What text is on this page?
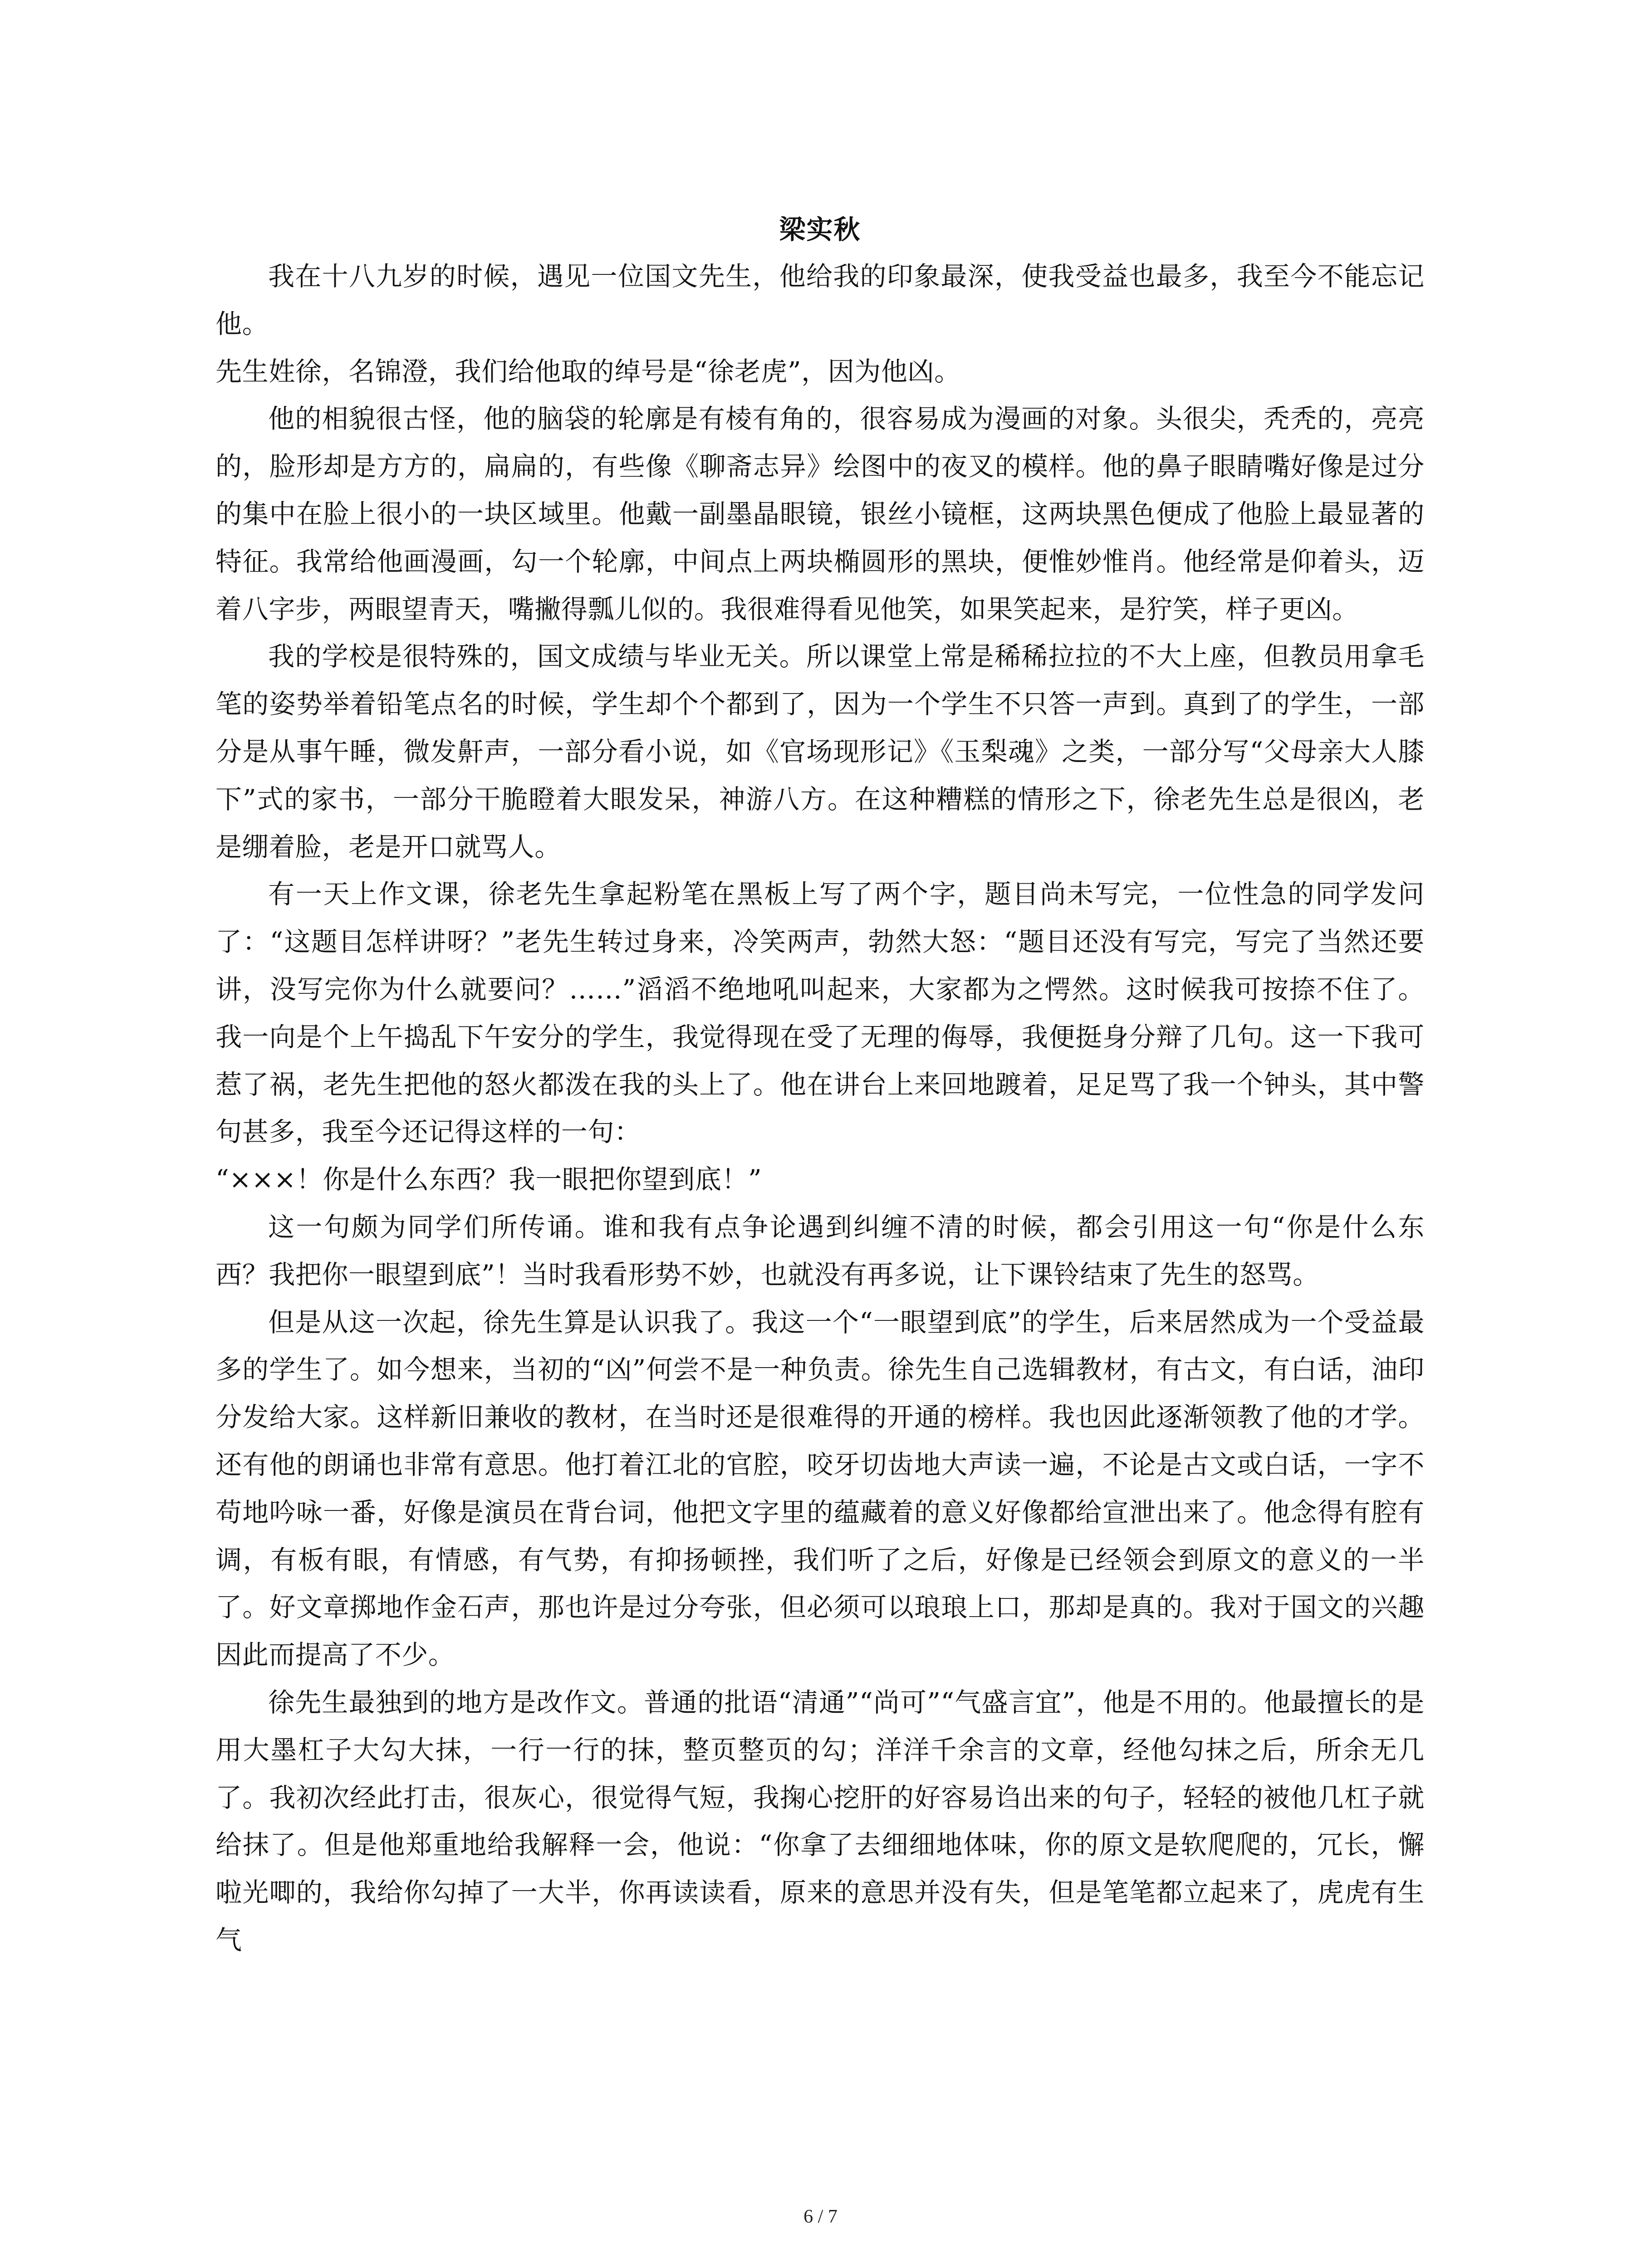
梁实秋

我在十八九岁的时候，遇见一位国文先生，他给我的印象最深，使我受益也最多，我至今不能忘记他。

先生姓徐，名锦澄，我们给他取的绰号是“徐老虎”，因为他凶。

他的相貌很古怪，他的脑袋的轮廓是有棱有角的，很容易成为漫画的对象。头很尖，秃秃的，亮亮的，脸形却是方方的，扁扁的，有些像《聊斋志异》绘图中的夜叉的模样。他的鼻子眼睛嘴好像是过分的集中在脸上很小的一块区域里。他戴一副墨晶眼镜，银丝小镜框，这两块黑色便成了他脸上最显著的特征。我常给他画漫画，勾一个轮廓，中间点上两块椭圆形的黑块，便惟妙惟肖。他经常是仰着头，迈着八字步，两眼望青天，嘴撇得瓢儿似的。我很难得看见他笑，如果笑起来，是狞笑，样子更凶。

我的学校是很特殊的，国文成绩与毕业无关。所以课堂上常是稀稀拉拉的不大上座，但教员用拿毛笔的姿势举着铅笔点名的时候，学生却个个都到了，因为一个学生不只答一声到。真到了的学生，一部分是从事午睡，微发鼾声，一部分看小说，如《官场现形记》《玉梨魂》之类，一部分写“父母亲大人膝下”式的家书，一部分干脆瞪着大眼发呆，神游八方。在这种糟糕的情形之下，徐老先生总是很凶，老是绷着脸，老是开口就骂人。

有一天上作文课，徐老先生拿起粉笔在黑板上写了两个字，题目尚未写完，一位性急的同学发问了：“这题目怎样讲呀？”老先生转过身来，冷笑两声，勃然大怒：“题目还没有写完，写完了当然还要讲，没写完你为什么就要问？……”滔滔不绝地吼叫起来，大家都为之愕然。这时候我可按捺不住了。我一向是个上午捣乱下午安分的学生，我觉得现在受了无理的侮辱，我便挺身分辩了几句。这一下我可惹了祸，老先生把他的怒火都泼在我的头上了。他在讲台上来回地踱着，足足骂了我一个钟头，其中警句甚多，我至今还记得这样的一句：

“×××！你是什么东西？我一眼把你望到底！”

这一句颇为同学们所传诵。谁和我有点争论遇到纠缠不清的时候，都会引用这一句“你是什么东西？我把你一眼望到底”！当时我看形势不妙，也就没有再多说，让下课铃结束了先生的怒骂。

但是从这一次起，徐先生算是认识我了。我这一个“一眼望到底”的学生，后来居然成为一个受益最多的学生了。如今想来，当初的“凶”何尝不是一种负责。徐先生自己选辑教材，有古文，有白话，油印分发给大家。这样新旧兼收的教材，在当时还是很难得的开通的榜样。我也因此逐渐领教了他的才学。还有他的朗诵也非常有意思。他打着江北的官腔，咬牙切齿地大声读一遍，不论是古文或白话，一字不苟地吟咏一番，好像是演员在背台词，他把文字里的蕴藏着的意义好像都给宣泄出来了。他念得有腔有调，有板有眼，有情感，有气势，有抑扬顿挫，我们听了之后，好像是已经领会到原文的意义的一半了。好文章掷地作金石声，那也许是过分夸张，但必须可以琅琅上口，那却是真的。我对于国文的兴趣因此而提高了不少。

徐先生最独到的地方是改作文。普通的批语“清通”“尚可”“气盛言宜”，他是不用的。他最擅长的是用大墨杠子大勾大抹，一行一行的抹，整页整页的勾；洋洋千余言的文章，经他勾抹之后，所余无几了。我初次经此打击，很灰心，很觉得气短，我掬心挖肝的好容易诌出来的句子，轻轻的被他几杠子就给抹了。但是他郑重地给我解释一会，他说：“你拿了去细细地体味，你的原文是软爬爬的，冗长，懈啦光唧的，我给你勾掉了一大半，你再读读看，原来的意思并没有失，但是笔笔都立起来了，虎虎有生气

6 / 7
